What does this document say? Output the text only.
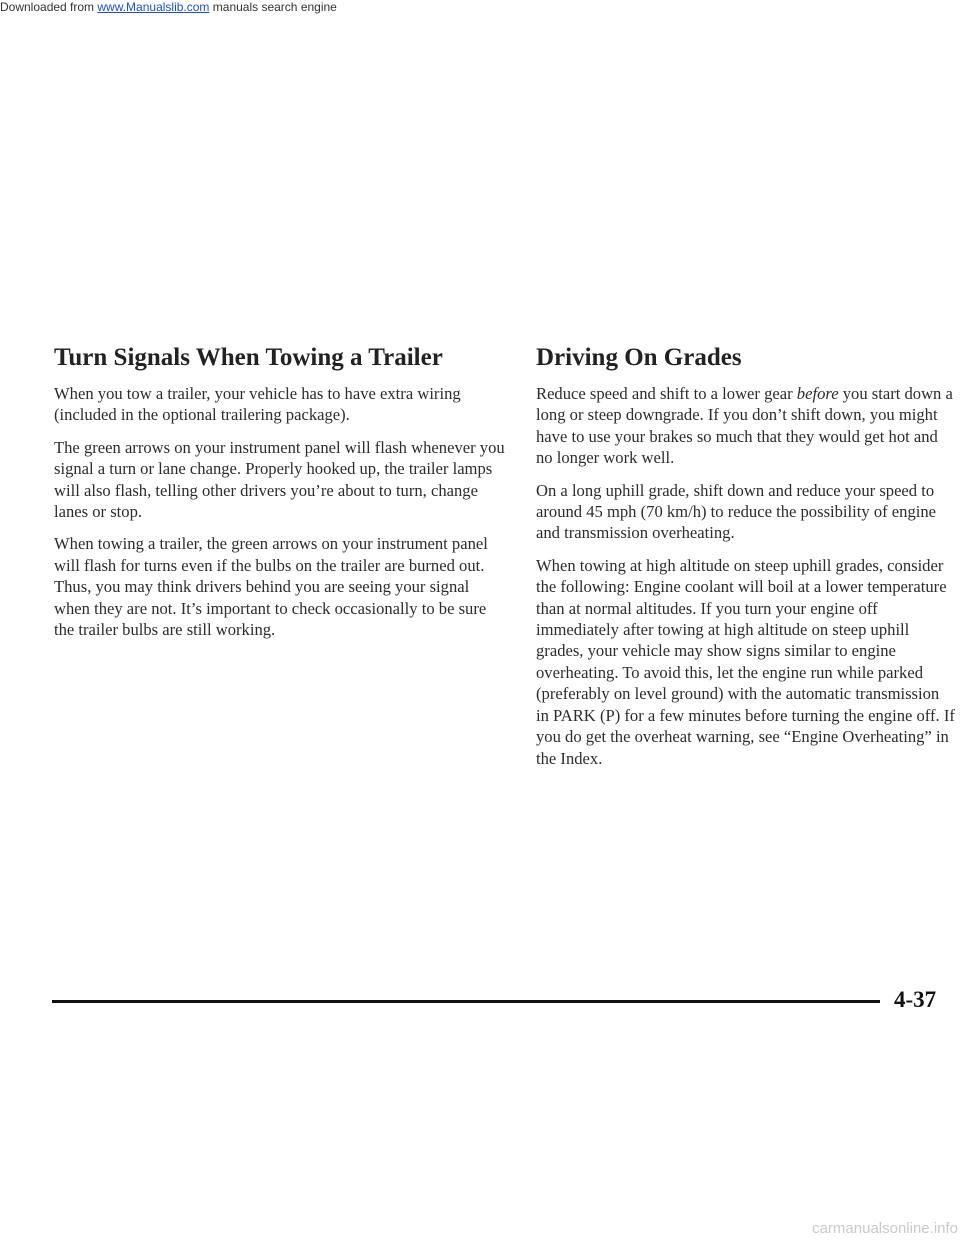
Turn Signals When Towing a Trailer

When you tow a trailer, your vehicle has to have extra wiring (included in the optional trailering package).

The green arrows on your instrument panel will flash whenever you signal a turn or lane change. Properly hooked up, the trailer lamps will also flash, telling other drivers you’re about to turn, change lanes or stop.

When towing a trailer, the green arrows on your instrument panel will flash for turns even if the bulbs on the trailer are burned out. Thus, you may think drivers behind you are seeing your signal when they are not. It’s important to check occasionally to be sure the trailer bulbs are still working.

Driving On Grades

Reduce speed and shift to a lower gear before you start down a long or steep downgrade. If you don’t shift down, you might have to use your brakes so much that they would get hot and no longer work well.

On a long uphill grade, shift down and reduce your speed to around 45 mph (70 km/h) to reduce the possibility of engine and transmission overheating.

When towing at high altitude on steep uphill grades, consider the following: Engine coolant will boil at a lower temperature than at normal altitudes. If you turn your engine off immediately after towing at high altitude on steep uphill grades, your vehicle may show signs similar to engine overheating. To avoid this, let the engine run while parked (preferably on level ground) with the automatic transmission in PARK (P) for a few minutes before turning the engine off. If you do get the overheat warning, see “Engine Overheating” in the Index.

4-37
Downloaded from www.Manualslib.com manuals search engine
carmanualsonline.info
